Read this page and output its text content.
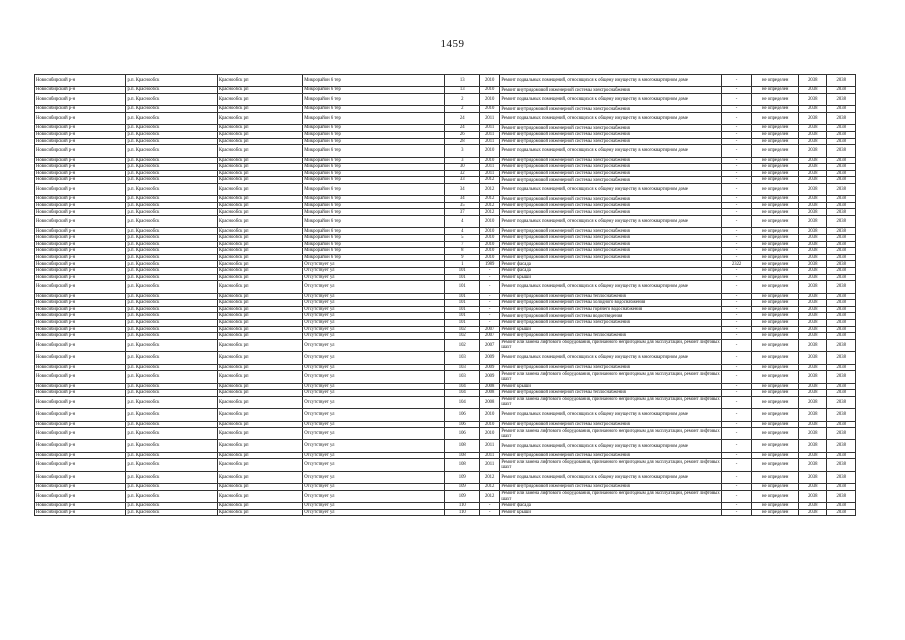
1459
Новосибирский р-н	р.п. Краснообск	Краснообск рп	Микрорайон 6 тер	13	2010	Ремонт подвальных помещений, относящихся к общему имуществу в многоквартирном доме	-	не определен	2038	2038
Новосибирский р-н	р.п. Краснообск	Краснообск рп	Микрорайон 6 тер	13	2010	Ремонт внутридомовой инженерной системы электроснабжения	-	не определен	2038	2038
Новосибирский р-н	р.п. Краснообск	Краснообск рп	Микрорайон 6 тер	2	2010	Ремонт подвальных помещений, относящихся к общему имуществу в многоквартирном доме	-	не определен	2038	2038
Новосибирский р-н	р.п. Краснообск	Краснообск рп	Микрорайон 6 тер	2	2010	Ремонт внутридомовой инженерной системы электроснабжения	-	не определен	2038	2038
Новосибирский р-н	р.п. Краснообск	Краснообск рп	Микрорайон 6 тер	24	2011	Ремонт подвальных помещений, относящихся к общему имуществу в многоквартирном доме	-	не определен	2038	2038
Новосибирский р-н	р.п. Краснообск	Краснообск рп	Микрорайон 6 тер	24	2011	Ремонт внутридомовой инженерной системы электроснабжения	-	не определен	2038	2038
Новосибирский р-н	р.п. Краснообск	Краснообск рп	Микрорайон 6 тер	26	2011	Ремонт внутридомовой инженерной системы электроснабжения	-	не определен	2038	2038
Новосибирский р-н	р.п. Краснообск	Краснообск рп	Микрорайон 6 тер	28	2011	Ремонт внутридомовой инженерной системы электроснабжения	-	не определен	2038	2038
Новосибирский р-н	р.п. Краснообск	Краснообск рп	Микрорайон 6 тер	3	2010	Ремонт подвальных помещений, относящихся к общему имуществу в многоквартирном доме	-	не определен	2038	2038
Новосибирский р-н	р.п. Краснообск	Краснообск рп	Микрорайон 6 тер	3	2010	Ремонт внутридомовой инженерной системы электроснабжения	-	не определен	2038	2038
Новосибирский р-н	р.п. Краснообск	Краснообск рп	Микрорайон 6 тер	30	2011	Ремонт внутридомовой инженерной системы электроснабжения	-	не определен	2038	2038
Новосибирский р-н	р.п. Краснообск	Краснообск рп	Микрорайон 6 тер	32	2011	Ремонт внутридомовой инженерной системы электроснабжения	-	не определен	2038	2038
Новосибирский р-н	р.п. Краснообск	Краснообск рп	Микрорайон 6 тер	33	2012	Ремонт внутридомовой инженерной системы электроснабжения	-	не определен	2038	2038
Новосибирский р-н	р.п. Краснообск	Краснообск рп	Микрорайон 6 тер	34	2012	Ремонт подвальных помещений, относящихся к общему имуществу в многоквартирном доме	-	не определен	2038	2038
Новосибирский р-н	р.п. Краснообск	Краснообск рп	Микрорайон 6 тер	34	2012	Ремонт внутридомовой инженерной системы электроснабжения	-	не определен	2038	2038
Новосибирский р-н	р.п. Краснообск	Краснообск рп	Микрорайон 6 тер	35	2012	Ремонт внутридомовой инженерной системы электроснабжения	-	не определен	2038	2038
Новосибирский р-н	р.п. Краснообск	Краснообск рп	Микрорайон 6 тер	37	2012	Ремонт внутридомовой инженерной системы электроснабжения	-	не определен	2038	2038
Новосибирский р-н	р.п. Краснообск	Краснообск рп	Микрорайон 6 тер	4	2010	Ремонт подвальных помещений, относящихся к общему имуществу в многоквартирном доме	-	не определен	2038	2038
Новосибирский р-н	р.п. Краснообск	Краснообск рп	Микрорайон 6 тер	4	2010	Ремонт внутридомовой инженерной системы электроснабжения	-	не определен	2038	2038
Новосибирский р-н	р.п. Краснообск	Краснообск рп	Микрорайон 6 тер	5	2010	Ремонт внутридомовой инженерной системы электроснабжения	-	не определен	2038	2038
Новосибирский р-н	р.п. Краснообск	Краснообск рп	Микрорайон 6 тер	7	2010	Ремонт внутридомовой инженерной системы электроснабжения	-	не определен	2038	2038
Новосибирский р-н	р.п. Краснообск	Краснообск рп	Микрорайон 6 тер	8	2010	Ремонт внутридомовой инженерной системы электроснабжения	-	не определен	2038	2038
Новосибирский р-н	р.п. Краснообск	Краснообск рп	Микрорайон 6 тер	9	2010	Ремонт внутридомовой инженерной системы электроснабжения	-	не определен	2038	2038
Новосибирский р-н	р.п. Краснообск	Краснообск рп	Отсутствует ул	1	1989	Ремонт фасада	2322	не определен	2038	2038
Новосибирский р-н	р.п. Краснообск	Краснообск рп	Отсутствует ул	101	-	Ремонт фасада	-	не определен	2038	2038
Новосибирский р-н	р.п. Краснообск	Краснообск рп	Отсутствует ул	101	-	Ремонт крыши	-	не определен	2038	2038
Новосибирский р-н	р.п. Краснообск	Краснообск рп	Отсутствует ул	101	-	Ремонт подвальных помещений, относящихся к общему имуществу в многоквартирном доме	-	не определен	2038	2038
Новосибирский р-н	р.п. Краснообск	Краснообск рп	Отсутствует ул	101	-	Ремонт внутридомовой инженерной системы теплоснабжения	-	не определен	2038	2038
Новосибирский р-н	р.п. Краснообск	Краснообск рп	Отсутствует ул	101	-	Ремонт внутридомовой инженерной системы холодного водоснабжения	-	не определен	2038	2038
Новосибирский р-н	р.п. Краснообск	Краснообск рп	Отсутствует ул	101	-	Ремонт внутридомовой инженерной системы горячего водоснабжения	-	не определен	2038	2038
Новосибирский р-н	р.п. Краснообск	Краснообск рп	Отсутствует ул	101	-	Ремонт внутридомовой инженерной системы водоотведения	-	не определен	2038	2038
Новосибирский р-н	р.п. Краснообск	Краснообск рп	Отсутствует ул	101	-	Ремонт внутридомовой инженерной системы электроснабжения	-	не определен	2038	2038
Новосибирский р-н	р.п. Краснообск	Краснообск рп	Отсутствует ул	102	2007	Ремонт крыши	-	не определен	2038	2038
Новосибирский р-н	р.п. Краснообск	Краснообск рп	Отсутствует ул	102	2007	Ремонт внутридомовой инженерной системы теплоснабжения	-	не определен	2038	2038
Новосибирский р-н	р.п. Краснообск	Краснообск рп	Отсутствует ул	102	2007	Ремонт или замена лифтового оборудования, признанного непригодным для эксплуатации, ремонт лифтовых шахт	-	не определен	2038	2038
Новосибирский р-н	р.п. Краснообск	Краснообск рп	Отсутствует ул	103	2009	Ремонт подвальных помещений, относящихся к общему имуществу в многоквартирном доме	-	не определен	2038	2038
Новосибирский р-н	р.п. Краснообск	Краснообск рп	Отсутствует ул	103	2009	Ремонт внутридомовой инженерной системы электроснабжения	-	не определен	2038	2038
Новосибирский р-н	р.п. Краснообск	Краснообск рп	Отсутствует ул	103	2009	Ремонт или замена лифтового оборудования, признанного непригодным для эксплуатации, ремонт лифтовых шахт	-	не определен	2038	2038
Новосибирский р-н	р.п. Краснообск	Краснообск рп	Отсутствует ул	104	2008	Ремонт крыши	-	не определен	2038	2038
Новосибирский р-н	р.п. Краснообск	Краснообск рп	Отсутствует ул	104	2008	Ремонт внутридомовой инженерной системы теплоснабжения	-	не определен	2038	2038
Новосибирский р-н	р.п. Краснообск	Краснообск рп	Отсутствует ул	104	2008	Ремонт или замена лифтового оборудования, признанного непригодным для эксплуатации, ремонт лифтовых шахт	-	не определен	2038	2038
Новосибирский р-н	р.п. Краснообск	Краснообск рп	Отсутствует ул	106	2010	Ремонт подвальных помещений, относящихся к общему имуществу в многоквартирном доме	-	не определен	2038	2038
Новосибирский р-н	р.п. Краснообск	Краснообск рп	Отсутствует ул	106	2010	Ремонт внутридомовой инженерной системы электроснабжения	-	не определен	2038	2038
Новосибирский р-н	р.п. Краснообск	Краснообск рп	Отсутствует ул	106	2010	Ремонт или замена лифтового оборудования, признанного непригодным для эксплуатации, ремонт лифтовых шахт	-	не определен	2038	2038
Новосибирский р-н	р.п. Краснообск	Краснообск рп	Отсутствует ул	108	2011	Ремонт подвальных помещений, относящихся к общему имуществу в многоквартирном доме	-	не определен	2038	2038
Новосибирский р-н	р.п. Краснообск	Краснообск рп	Отсутствует ул	108	2011	Ремонт внутридомовой инженерной системы электроснабжения	-	не определен	2038	2038
Новосибирский р-н	р.п. Краснообск	Краснообск рп	Отсутствует ул	108	2011	Ремонт или замена лифтового оборудования, признанного непригодным для эксплуатации, ремонт лифтовых шахт	-	не определен	2038	2038
Новосибирский р-н	р.п. Краснообск	Краснообск рп	Отсутствует ул	109	2012	Ремонт подвальных помещений, относящихся к общему имуществу в многоквартирном доме	-	не определен	2038	2038
Новосибирский р-н	р.п. Краснообск	Краснообск рп	Отсутствует ул	109	2012	Ремонт внутридомовой инженерной системы электроснабжения	-	не определен	2038	2038
Новосибирский р-н	р.п. Краснообск	Краснообск рп	Отсутствует ул	109	2012	Ремонт или замена лифтового оборудования, признанного непригодным для эксплуатации, ремонт лифтовых шахт	-	не определен	2038	2038
Новосибирский р-н	р.п. Краснообск	Краснообск рп	Отсутствует ул	110	-	Ремонт фасада	-	не определен	2038	2038
Новосибирский р-н	р.п. Краснообск	Краснообск рп	Отсутствует ул	110	-	Ремонт крыши	-	не определен	2038	2038
